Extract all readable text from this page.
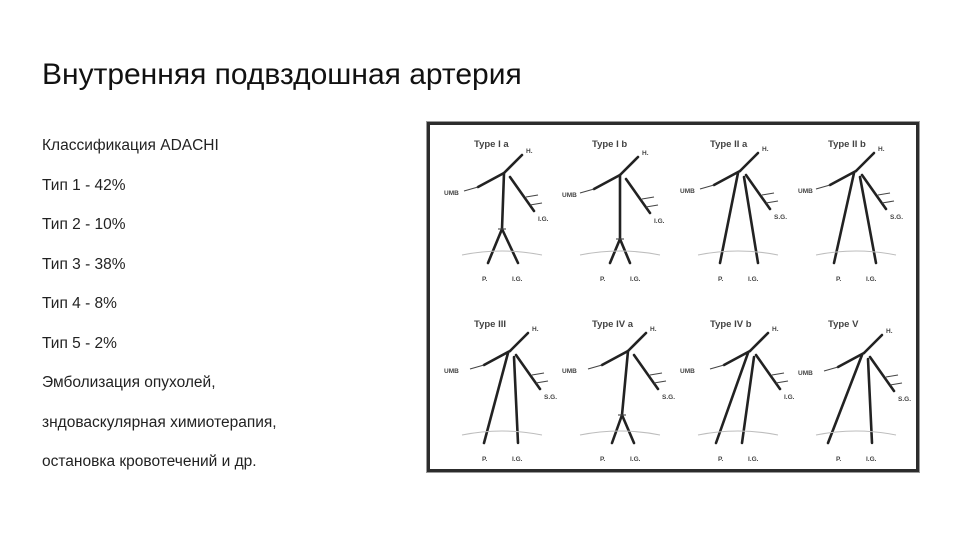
Внутренняя подвздошная артерия
Классификация ADACHI
Тип 1 - 42%
Тип 2 - 10%
Тип 3 - 38%
Тип 4 - 8%
Тип 5 - 2%
Эмболизация опухолей,
зндоваскулярная химиотерапия,
остановка кровотечений и др.
Type I a
H.
UMB
I.G.
P.	I.G.
Type I b
H.
UMB
I.G.
P.	I.G.
Type II a H.
UMB
S.G.
P.	I.G.
Type II b H.
UMB
S.G.
P.	I.G.
Type III	H.
UMB
S.G.
P.	I.G.
Type IV a	H.
UMB
S.G.
P.	I.G.
Type IV b	H.
UMB
I.G.
P.	I.G.
Type V
H.
UMB
S.G.
P.	I.G.
